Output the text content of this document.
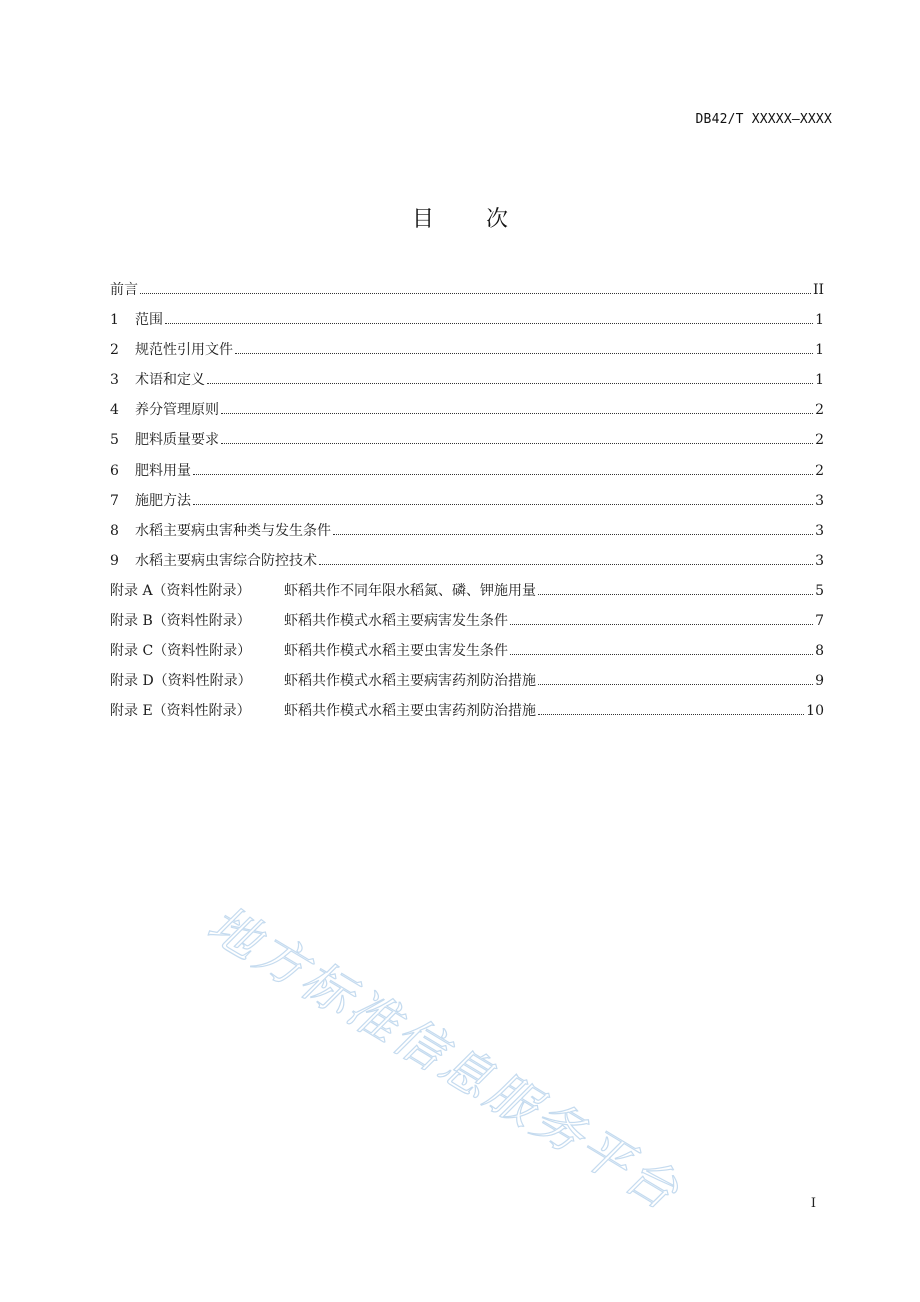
DB42/T XXXXX—XXXX
目 次
前言	II
1	范围	1
2	规范性引用文件	1
3	术语和定义	1
4	养分管理原则	2
5	肥料质量要求	2
6	肥料用量	2
7	施肥方法	3
8	水稻主要病虫害种类与发生条件	3
9	水稻主要病虫害综合防控技术	3
附录 A（资料性附录）	虾稻共作不同年限水稻氮、磷、钾施用量	5
附录 B（资料性附录）	虾稻共作模式水稻主要病害发生条件	7
附录 C（资料性附录）	虾稻共作模式水稻主要虫害发生条件	8
附录 D（资料性附录）	虾稻共作模式水稻主要病害药剂防治措施	9
附录 E（资料性附录）	虾稻共作模式水稻主要虫害药剂防治措施	10
地方标准信息服务平台	I
